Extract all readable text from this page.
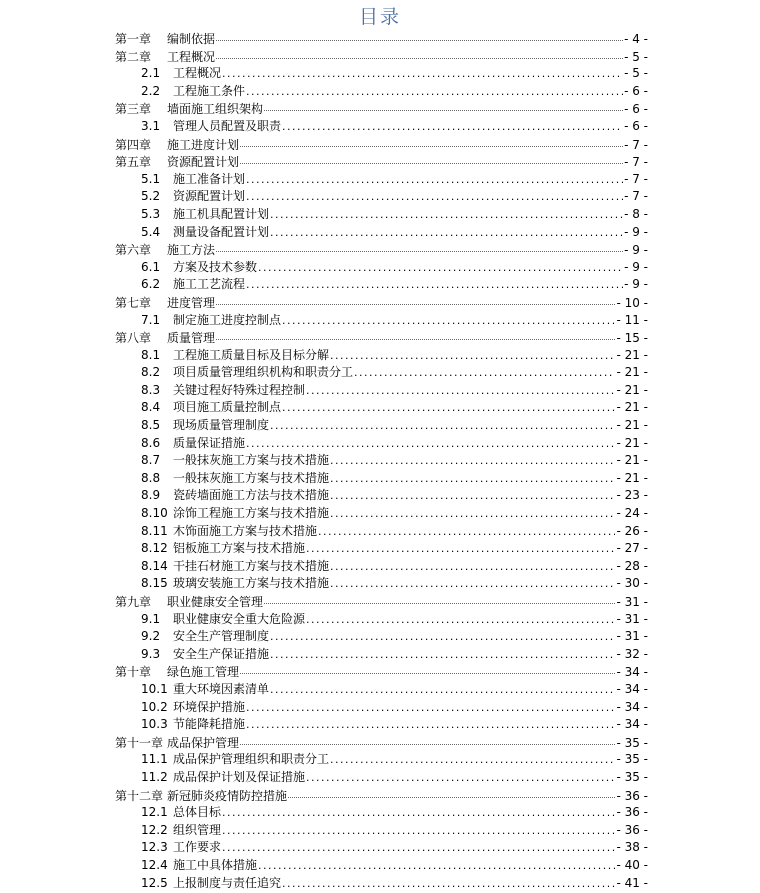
目录
第一章 编制依据	- 4 -
第二章 工程概况	- 5 -
2.1 工程概况 .....	- 5 -
2.2 工程施工条件 .....	- 6 -
第三章 墙面施工组织架构	- 6 -
3.1 管理人员配置及职责 .....	- 6 -
第四章 施工进度计划	- 7 -
第五章 资源配置计划	- 7 -
5.1 施工准备计划 .....	- 7 -
5.2 资源配置计划 .....	- 7 -
5.3 施工机具配置计划 .....	- 8 -
5.4 测量设备配置计划 .....	- 9 -
第六章 施工方法	- 9 -
6.1 方案及技术参数 .....	- 9 -
6.2 施工工艺流程 .....	- 9 -
第七章 进度管理	- 10 -
7.1 制定施工进度控制点 .....	- 11 -
第八章 质量管理	- 15 -
8.1 工程施工质量目标及目标分解 .....	- 21 -
8.2 项目质量管理组织机构和职责分工 .....	- 21 -
8.3 关键过程好特殊过程控制 .....	- 21 -
8.4 项目施工质量控制点 .....	- 21 -
8.5 现场质量管理制度 .....	- 21 -
8.6 质量保证措施 .....	- 21 -
8.7 一般抹灰施工方案与技术措施 .....	- 21 -
8.8 一般抹灰施工方案与技术措施 .....	- 21 -
8.9 瓷砖墙面施工方法与技术措施 .....	- 23 -
8.10 涂饰工程施工方案与技术措施 .....	- 24 -
8.11 木饰面施工方案与技术措施 .....	- 26 -
8.12 铝板施工方案与技术措施 .....	- 27 -
8.14 干挂石材施工方案与技术措施 .....	- 28 -
8.15 玻璃安装施工方案与技术措施 .....	- 30 -
第九章 职业健康安全管理	- 31 -
9.1 职业健康安全重大危险源 .....	- 31 -
9.2 安全生产管理制度 .....	- 31 -
9.3 安全生产保证措施 .....	- 32 -
第十章 绿色施工管理	- 34 -
10.1 重大环境因素清单 .....	- 34 -
10.2 环境保护措施 .....	- 34 -
10.3 节能降耗措施 .....	- 34 -
第十一章 成品保护管理	- 35 -
11.1 成品保护管理组织和职责分工 .....	- 35 -
11.2 成品保护计划及保证措施 .....	- 35 -
第十二章 新冠肺炎疫情防控措施	- 36 -
12.1 总体目标 .....	- 36 -
12.2 组织管理 .....	- 36 -
12.3 工作要求 .....	- 38 -
12.4 施工中具体措施 .....	- 40 -
12.5 上报制度与责任追究 .....	- 41 -
